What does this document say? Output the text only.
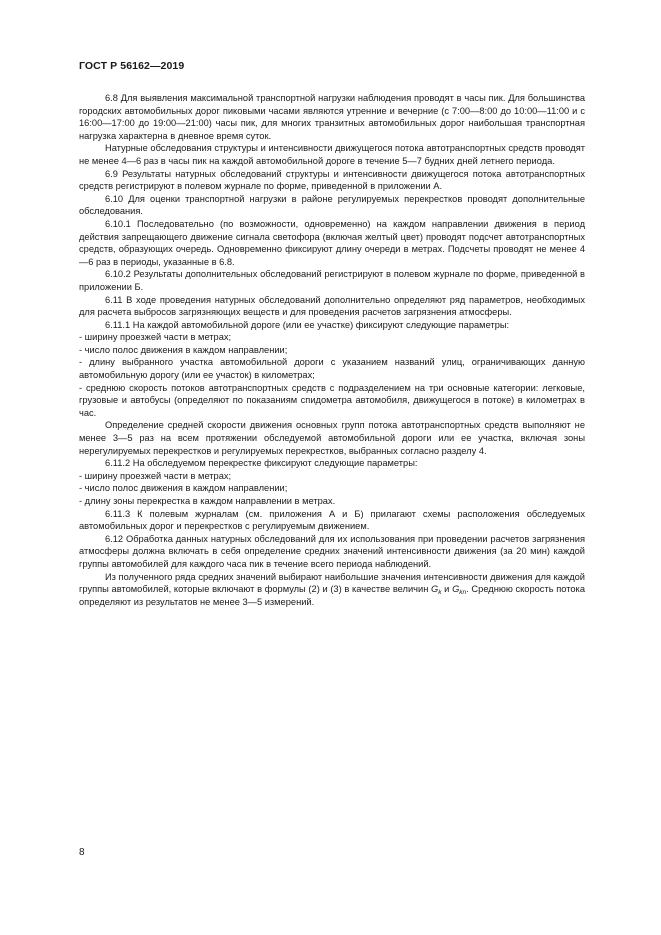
ГОСТ Р 56162—2019

6.8 Для выявления максимальной транспортной нагрузки наблюдения проводят в часы пик. Для большинства городских автомобильных дорог пиковыми часами являются утренние и вечерние (с 7:00—8:00 до 10:00—11:00 и с 16:00—17:00 до 19:00—21:00) часы пик, для многих транзитных автомобильных дорог наибольшая транспортная нагрузка характерна в дневное время суток.

Натурные обследования структуры и интенсивности движущегося потока автотранспортных средств проводят не менее 4—6 раз в часы пик на каждой автомобильной дороге в течение 5—7 будних дней летнего периода.

6.9 Результаты натурных обследований структуры и интенсивности движущегося потока автотранспортных средств регистрируют в полевом журнале по форме, приведенной в приложении А.

6.10 Для оценки транспортной нагрузки в районе регулируемых перекрестков проводят дополнительные обследования.

6.10.1 Последовательно (по возможности, одновременно) на каждом направлении движения в период действия запрещающего движение сигнала светофора (включая желтый цвет) проводят подсчет автотранспортных средств, образующих очередь. Одновременно фиксируют длину очереди в метрах. Подсчеты проводят не менее 4—6 раз в периоды, указанные в 6.8.

6.10.2 Результаты дополнительных обследований регистрируют в полевом журнале по форме, приведенной в приложении Б.

6.11 В ходе проведения натурных обследований дополнительно определяют ряд параметров, необходимых для расчета выбросов загрязняющих веществ и для проведения расчетов загрязнения атмосферы.

6.11.1 На каждой автомобильной дороге (или ее участке) фиксируют следующие параметры:

- ширину проезжей части в метрах;

- число полос движения в каждом направлении;

- длину выбранного участка автомобильной дороги с указанием названий улиц, ограничивающих данную автомобильную дорогу (или ее участок) в километрах;

- среднюю скорость потоков автотранспортных средств с подразделением на три основные категории: легковые, грузовые и автобусы (определяют по показаниям спидометра автомобиля, движущегося в потоке) в километрах в час.

Определение средней скорости движения основных групп потока автотранспортных средств выполняют не менее 3—5 раз на всем протяжении обследуемой автомобильной дороги или ее участка, включая зоны нерегулируемых перекрестков и регулируемых перекрестков, выбранных согласно разделу 4.

6.11.2 На обследуемом перекрестке фиксируют следующие параметры:

- ширину проезжей части в метрах;

- число полос движения в каждом направлении;

- длину зоны перекрестка в каждом направлении в метрах.

6.11.3 К полевым журналам (см. приложения А и Б) прилагают схемы расположения обследуемых автомобильных дорог и перекрестков с регулируемым движением.

6.12 Обработка данных натурных обследований для их использования при проведении расчетов загрязнения атмосферы должна включать в себя определение средних значений интенсивности движения (за 20 мин) каждой группы автомобилей для каждого часа пик в течение всего периода наблюдений.

Из полученного ряда средних значений выбирают наибольшие значения интенсивности движения для каждой группы автомобилей, которые включают в формулы (2) и (3) в качестве величин $G_k$ и $G_{kn}$. Среднюю скорость потока определяют из результатов не менее 3—5 измерений.

8
